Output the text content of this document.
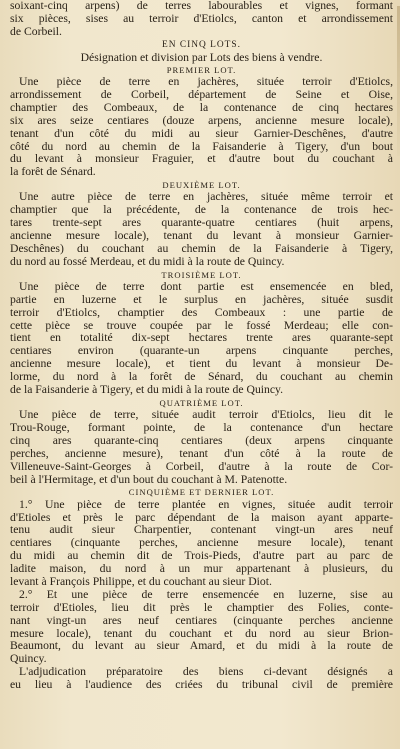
soixant-cinq arpens) de terres labourables et vignes, formant
six pièces, sises au terroir d'Etiolcs, canton et arrondissement
de Corbeil.
EN CINQ LOTS.
Désignation et division par Lots des biens à vendre.
PREMIER LOT.
Une pièce de terre en jachères, située terroir d'Etiolcs,
arrondissement de Corbeil, département de Seine et Oise,
champtier des Combeaux, de la contenance de cinq hectares
six ares seize centiares (douze arpens, ancienne mesure locale),
tenant d'un côté du midi au sieur Garnier-Deschênes, d'autre
côté du nord au chemin de la Faisanderie à Tigery, d'un bout
du levant à monsieur Fraguier, et d'autre bout du couchant à
la forêt de Sénard.
DEUXIÈME LOT.
Une autre pièce de terre en jachères, située même terroir et
champtier que la précédente, de la contenance de trois hec-
tares trente-sept ares quarante-quatre centiares (huit arpens,
ancienne mesure locale), tenant du levant à monsieur Garnier-
Deschênes) du couchant au chemin de la Faisanderie à Tigery,
du nord au fossé Merdeau, et du midi à la route de Quincy.
TROISIÈME LOT.
Une pièce de terre dont partie est ensemencée en bled,
partie en luzerne et le surplus en jachères, située susdit
terroir d'Etiolcs, champtier des Combeaux : une partie de
cette pièce se trouve coupée par le fossé Merdeau; elle con-
tient en totalité dix-sept hectares trente ares quarante-sept
centiares environ (quarante-un arpens cinquante perches,
ancienne mesure locale), et tient du levant à monsieur De-
lorme, du nord à la forêt de Sénard, du couchant au chemin
de la Faisanderie à Tigery, et du midi à la route de Quincy.
QUATRIÈME LOT.
Une pièce de terre, située audit terroir d'Etiolcs, lieu dit le
Trou-Rouge, formant pointe, de la contenance d'un hectare
cinq ares quarante-cinq centiares (deux arpens cinquante
perches, ancienne mesure), tenant d'un côté à la route de
Villeneuve-Saint-Georges à Corbeil, d'autre à la route de Cor-
beil à l'Hermitage, et d'un bout du couchant à M. Patenotte.
CINQUIÈME ET DERNIER LOT.
1.° Une pièce de terre plantée en vignes, située audit terroir
d'Etioles et près le parc dépendant de la maison ayant apparte-
tenu audit sieur Charpentier, contenant vingt-un ares neuf
centiares (cinquante perches, ancienne mesure locale), tenant
du midi au chemin dit de Trois-Pieds, d'autre part au parc de
ladite maison, du nord à un mur appartenant à plusieurs, du
levant à François Philippe, et du couchant au sieur Diot.
2.° Et une pièce de terre ensemencée en luzerne, sise au
terroir d'Etioles, lieu dit près le champtier des Folies, conte-
nant vingt-un ares neuf centiares (cinquante perches ancienne
mesure locale), tenant du couchant et du nord au sieur Brion-
Beaumont, du levant au sieur Amard, et du midi à la route de
Quincy.
L'adjudication préparatoire des biens ci-devant désignés a
eu lieu à l'audience des criées du tribunal civil de première
